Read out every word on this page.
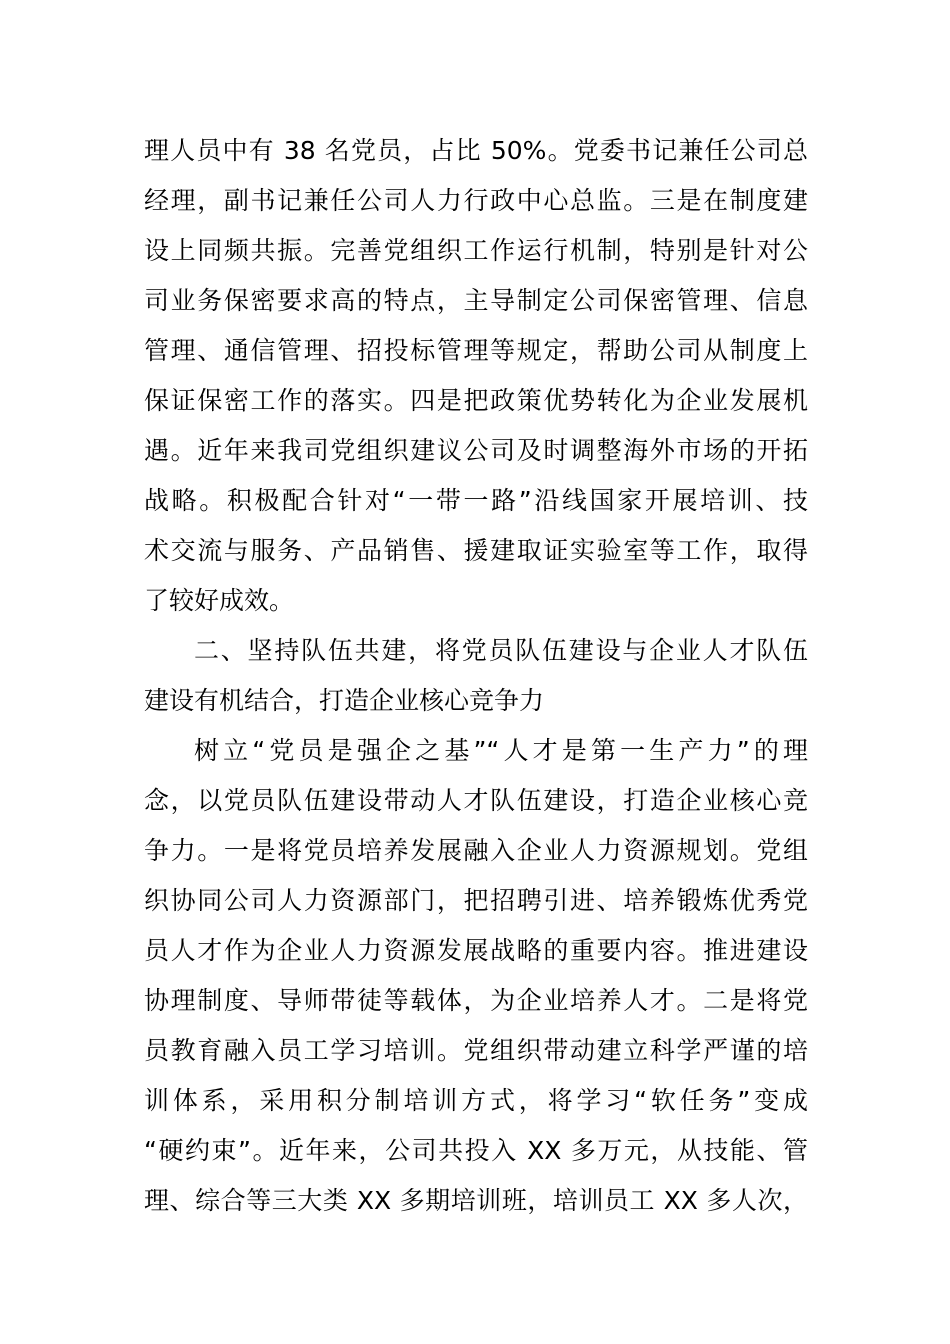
理人员中有 38 名党员，占比 50%。党委书记兼任公司总
经理，副书记兼任公司人力行政中心总监。三是在制度建
设上同频共振。完善党组织工作运行机制，特别是针对公
司业务保密要求高的特点，主导制定公司保密管理、信息
管理、通信管理、招投标管理等规定，帮助公司从制度上
保证保密工作的落实。四是把政策优势转化为企业发展机
遇。近年来我司党组织建议公司及时调整海外市场的开拓
战略。积极配合针对“一带一路”沿线国家开展培训、技
术交流与服务、产品销售、援建取证实验室等工作，取得
了较好成效。
二、坚持队伍共建，将党员队伍建设与企业人才队伍
建设有机结合，打造企业核心竞争力
树立“党员是强企之基”“人才是第一生产力”的理
念，以党员队伍建设带动人才队伍建设，打造企业核心竞
争力。一是将党员培养发展融入企业人力资源规划。党组
织协同公司人力资源部门，把招聘引进、培养锻炼优秀党
员人才作为企业人力资源发展战略的重要内容。推进建设
协理制度、导师带徒等载体，为企业培养人才。二是将党
员教育融入员工学习培训。党组织带动建立科学严谨的培
训体系，采用积分制培训方式，将学习“软任务”变成
“硬约束”。近年来，公司共投入 XX 多万元，从技能、管
理、综合等三大类 XX 多期培训班，培训员工 XX 多人次，
